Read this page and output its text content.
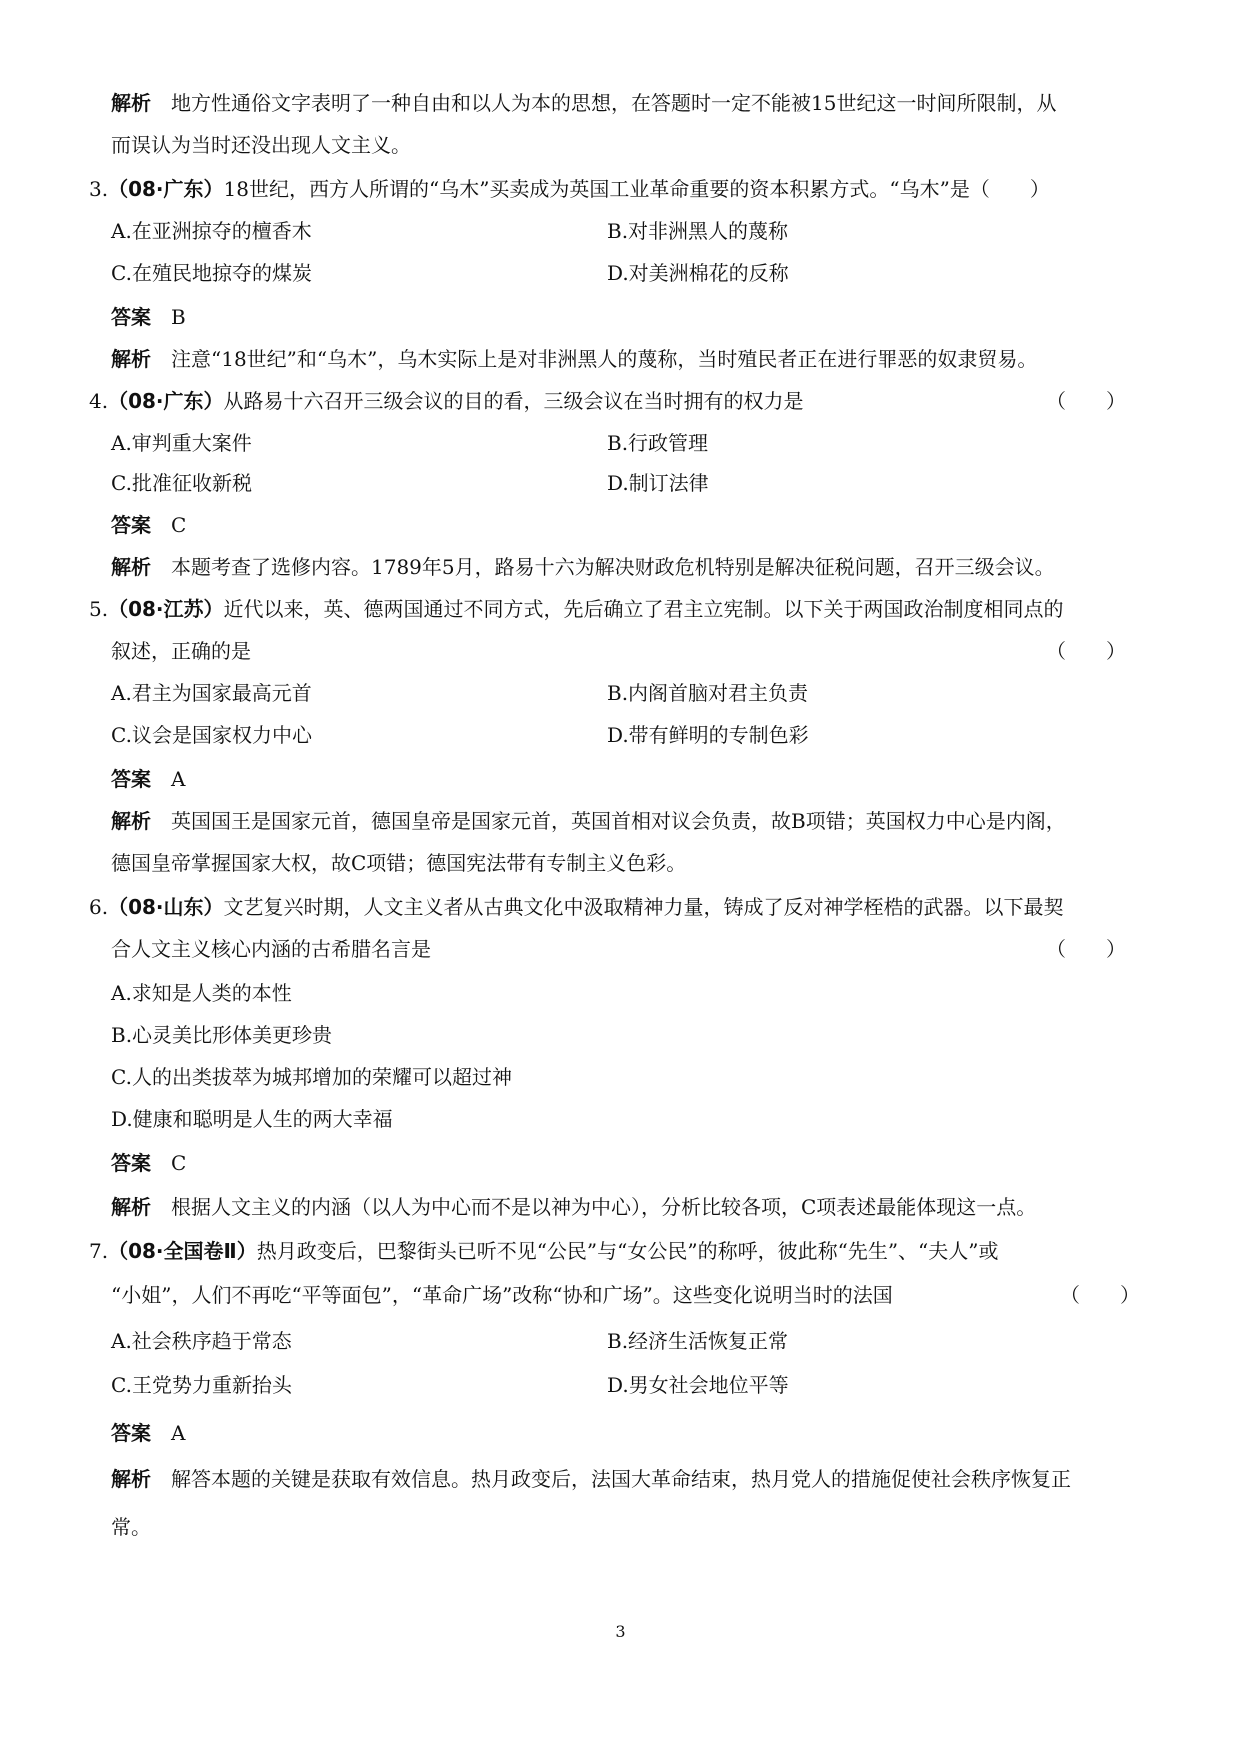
解析 地方性通俗文字表明了一种自由和以人为本的思想，在答题时一定不能被15世纪这一时间所限制，从
而误认为当时还没出现人文主义。
3.（08·广东）18世纪，西方人所谓的“乌木”买卖成为英国工业革命重要的资本积累方式。“乌木”是（　　）
A.在亚洲掠夺的檀香木	B.对非洲黑人的蔑称
C.在殖民地掠夺的煤炭	D.对美洲棉花的反称
答案 B
解析 注意“18世纪”和“乌木”，乌木实际上是对非洲黑人的蔑称，当时殖民者正在进行罪恶的奴隶贸易。
4.（08·广东）从路易十六召开三级会议的目的看，三级会议在当时拥有的权力是	（　　）
A.审判重大案件	B.行政管理
C.批准征收新税	D.制订法律
答案 C
解析 本题考查了选修内容。1789年5月，路易十六为解决财政危机特别是解决征税问题，召开三级会议。
5.（08·江苏）近代以来，英、德两国通过不同方式，先后确立了君主立宪制。以下关于两国政治制度相同点的
叙述，正确的是	（　　）
A.君主为国家最高元首	B.内阁首脑对君主负责
C.议会是国家权力中心	D.带有鲜明的专制色彩
答案 A
解析 英国国王是国家元首，德国皇帝是国家元首，英国首相对议会负责，故B项错；英国权力中心是内阁，
德国皇帝掌握国家大权，故C项错；德国宪法带有专制主义色彩。
6.（08·山东）文艺复兴时期，人文主义者从古典文化中汲取精神力量，铸成了反对神学桎梏的武器。以下最契
合人文主义核心内涵的古希腊名言是	（　　）
A.求知是人类的本性
B.心灵美比形体美更珍贵
C.人的出类拔萃为城邦增加的荣耀可以超过神
D.健康和聪明是人生的两大幸福
答案 C
解析 根据人文主义的内涵（以人为中心而不是以神为中心），分析比较各项，C项表述最能体现这一点。
7.（08·全国卷Ⅱ）热月政变后，巴黎街头已听不见“公民”与“女公民”的称呼，彼此称“先生”、“夫人”或
“小姐”，人们不再吃“平等面包”，“革命广场”改称“协和广场”。这些变化说明当时的法国	（　　）
A.社会秩序趋于常态	B.经济生活恢复正常
C.王党势力重新抬头	D.男女社会地位平等
答案 A
解析 解答本题的关键是获取有效信息。热月政变后，法国大革命结束，热月党人的措施促使社会秩序恢复正
常。
3
